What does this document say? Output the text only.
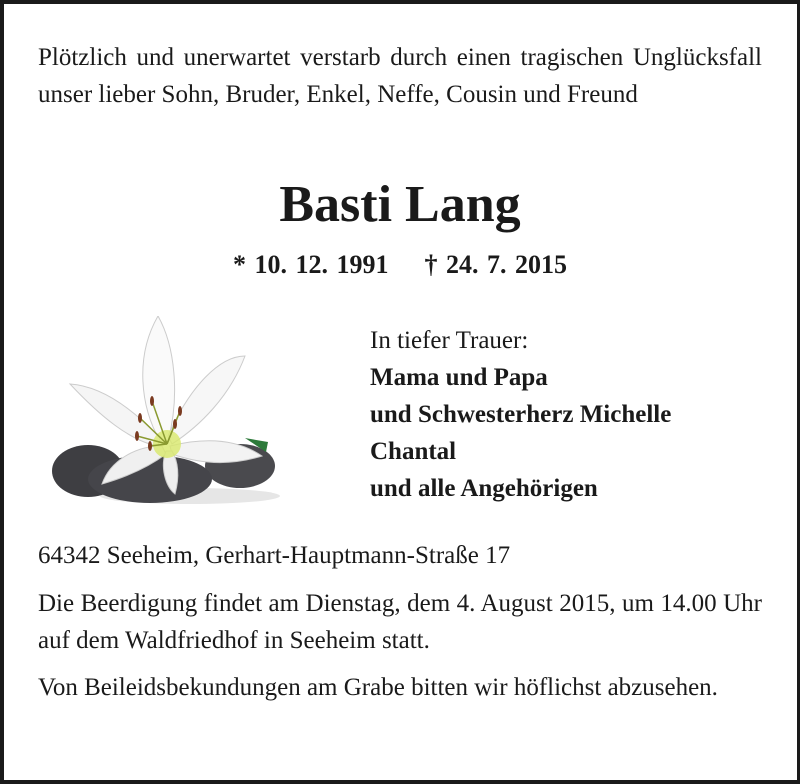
Plötzlich und unerwartet verstarb durch einen tragischen Unglücksfall unser lieber Sohn, Bruder, Enkel, Neffe, Cousin und Freund
Basti Lang
* 10. 12. 1991 † 24. 7. 2015
In tiefer Trauer:
Mama und Papa
und Schwesterherz Michelle
Chantal
und alle Angehörigen
64342 Seeheim, Gerhart-Hauptmann-Straße 17
Die Beerdigung findet am Dienstag, dem 4. August 2015, um 14.00 Uhr auf dem Waldfriedhof in Seeheim statt.
Von Beileidsbekundungen am Grabe bitten wir höflichst abzusehen.
